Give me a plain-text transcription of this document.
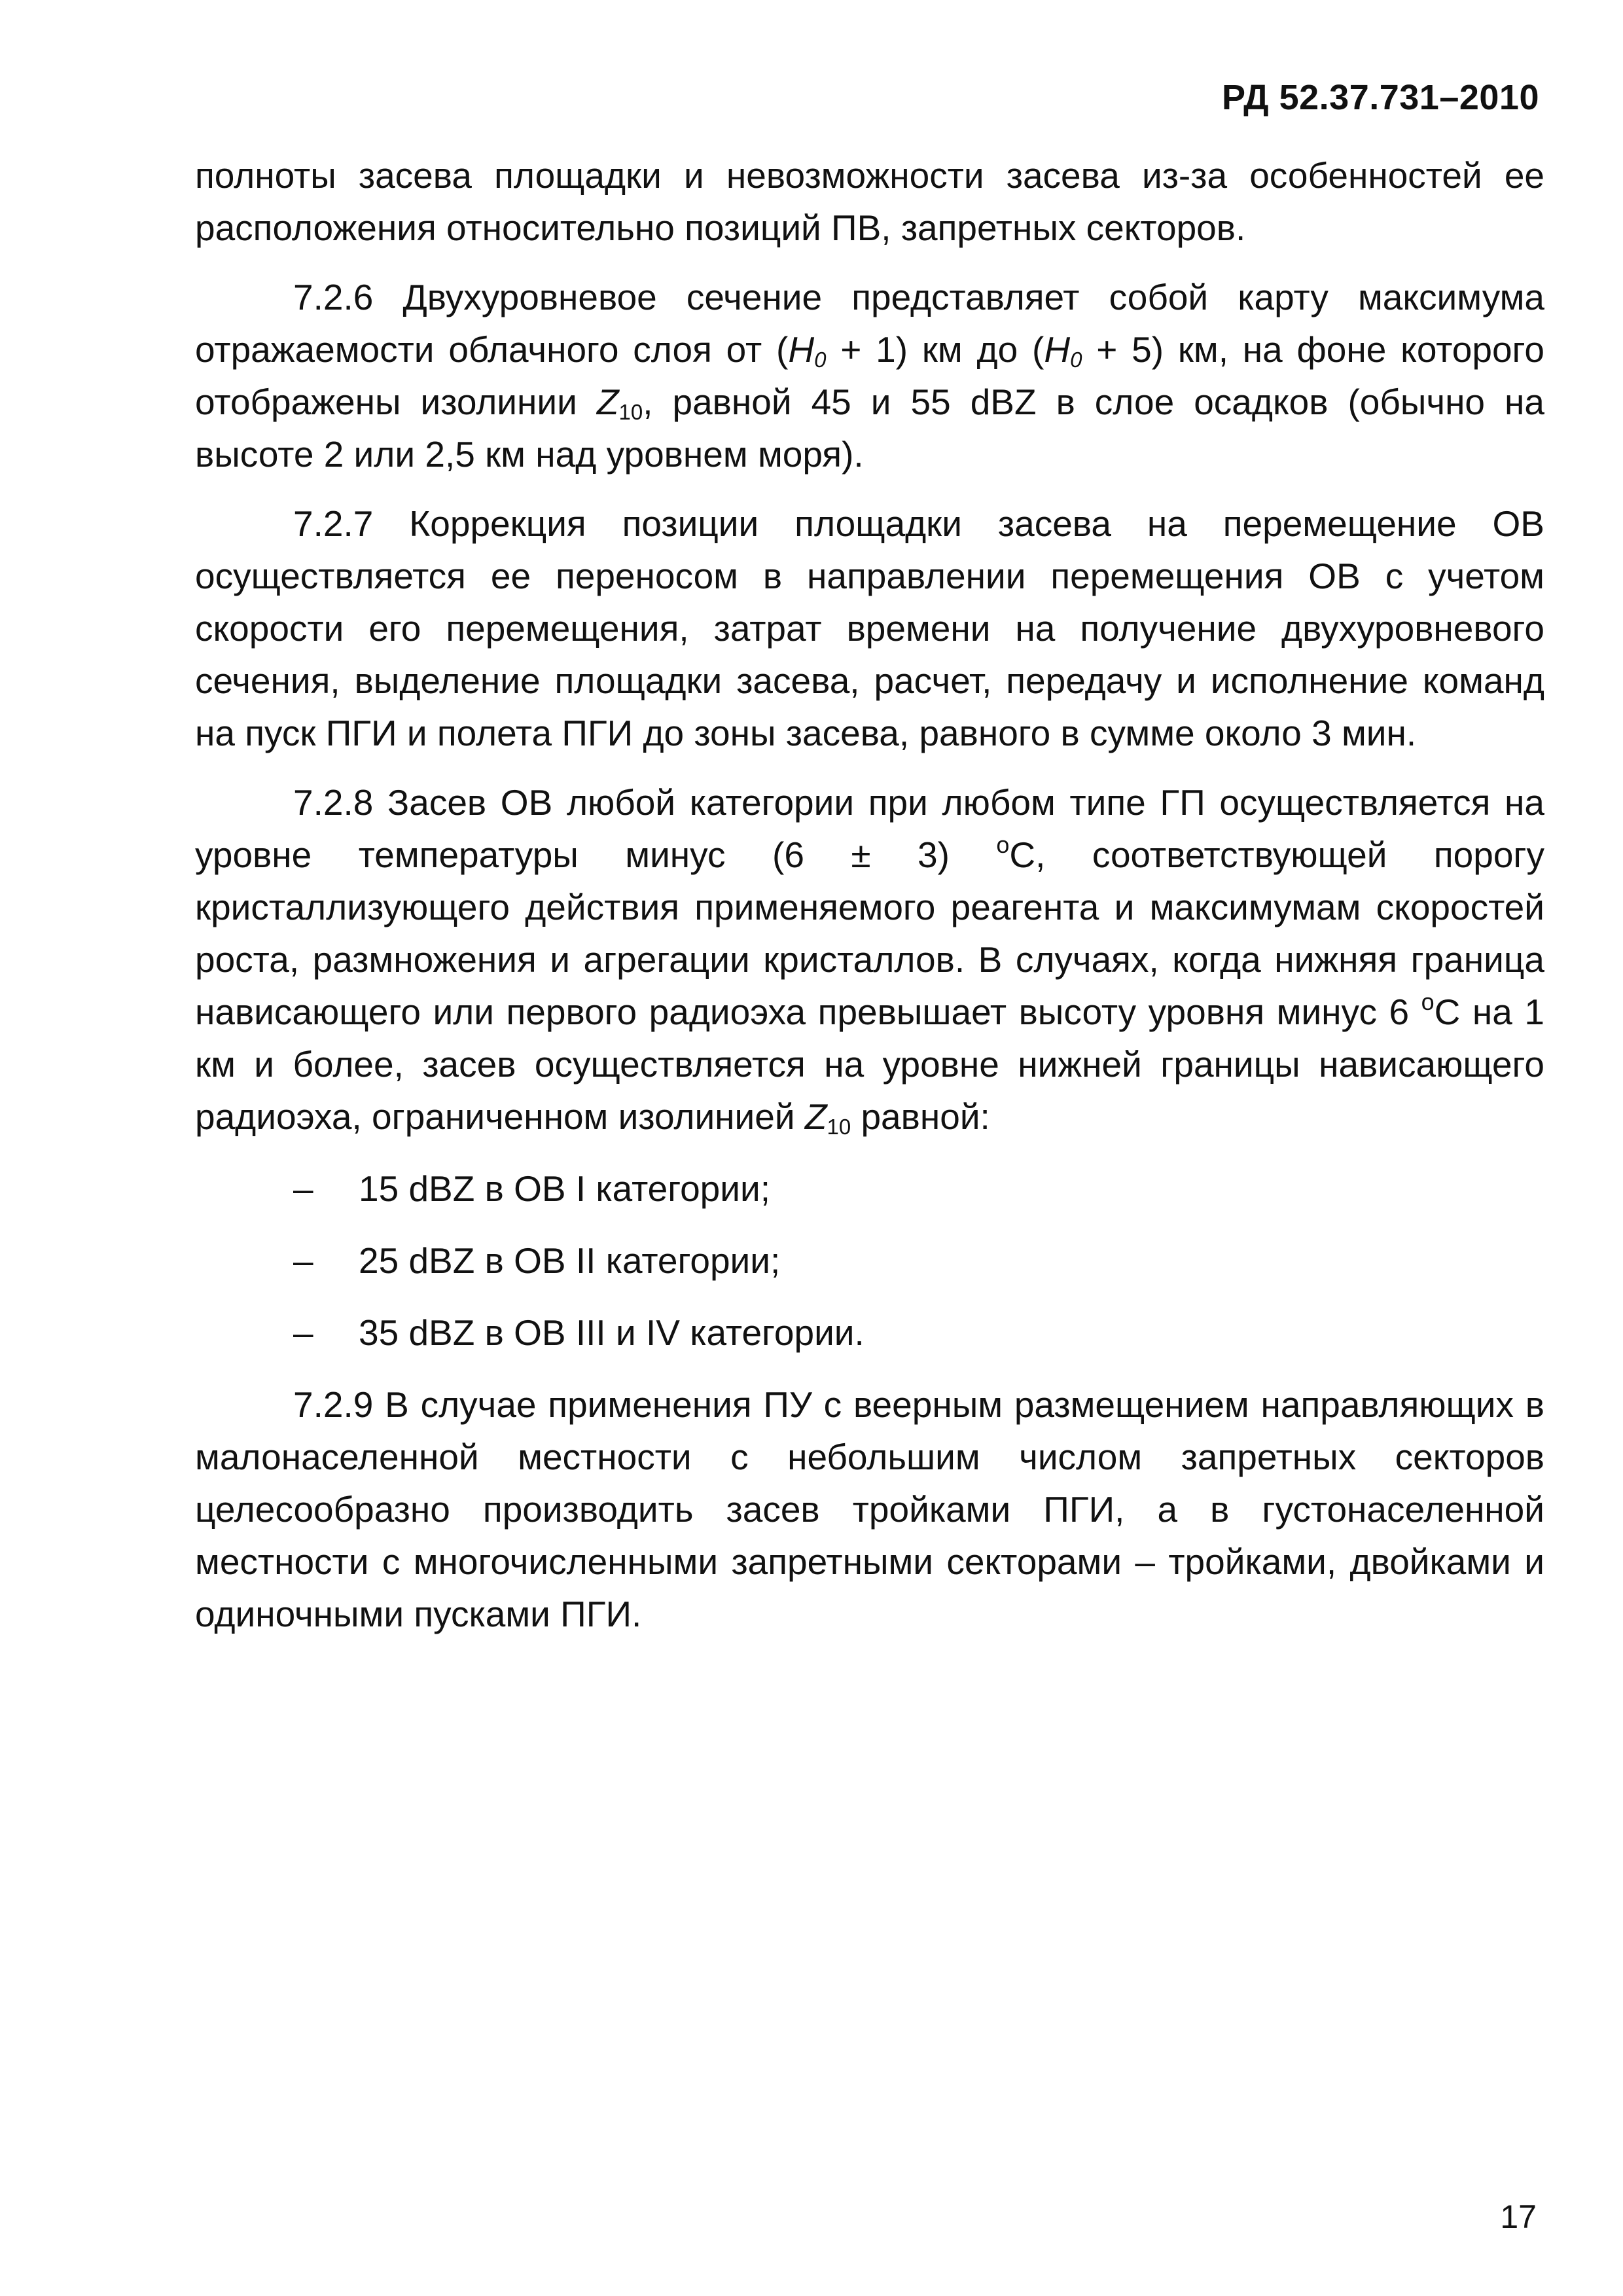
РД 52.37.731–2010

полноты засева площадки и невозможности засева из-за особенностей ее расположения относительно позиций ПВ, запретных секторов.

7.2.6 Двухуровневое сечение представляет собой карту максимума отражаемости облачного слоя от $(H_0 + 1)$ км до $(H_0 + 5)$ км, на фоне которого отображены изолинии $Z_{10}$, равной 45 и 55 dBZ в слое осадков (обычно на высоте 2 или 2,5 км над уровнем моря).

7.2.7 Коррекция позиции площадки засева на перемещение ОВ осуществляется ее переносом в направлении перемещения ОВ с учетом скорости его перемещения, затрат времени на получение двухуровневого сечения, выделение площадки засева, расчет, передачу и исполнение команд на пуск ПГИ и полета ПГИ до зоны засева, равного в сумме около 3 мин.

7.2.8 Засев ОВ любой категории при любом типе ГП осуществляется на уровне температуры минус (6 ± 3) $^о$С, соответствующей порогу кристаллизующего действия применяемого реагента и максимумам скоростей роста, размножения и агрегации кристаллов. В случаях, когда нижняя граница нависающего или первого радиоэха превышает высоту уровня минус 6 $^о$С на 1 км и более, засев осуществляется на уровне нижней границы нависающего радиоэха, ограниченном изолинией $Z_{10}$ равной:

– 15 dBZ в ОВ I категории;

– 25 dBZ в ОВ II категории;

– 35 dBZ в ОВ III и IV категории.

7.2.9 В случае применения ПУ с веерным размещением направляющих в малонаселенной местности с небольшим числом запретных секторов целесообразно производить засев тройками ПГИ, а в густонаселенной местности с многочисленными запретными секторами – тройками, двойками и одиночными пусками ПГИ.

17
